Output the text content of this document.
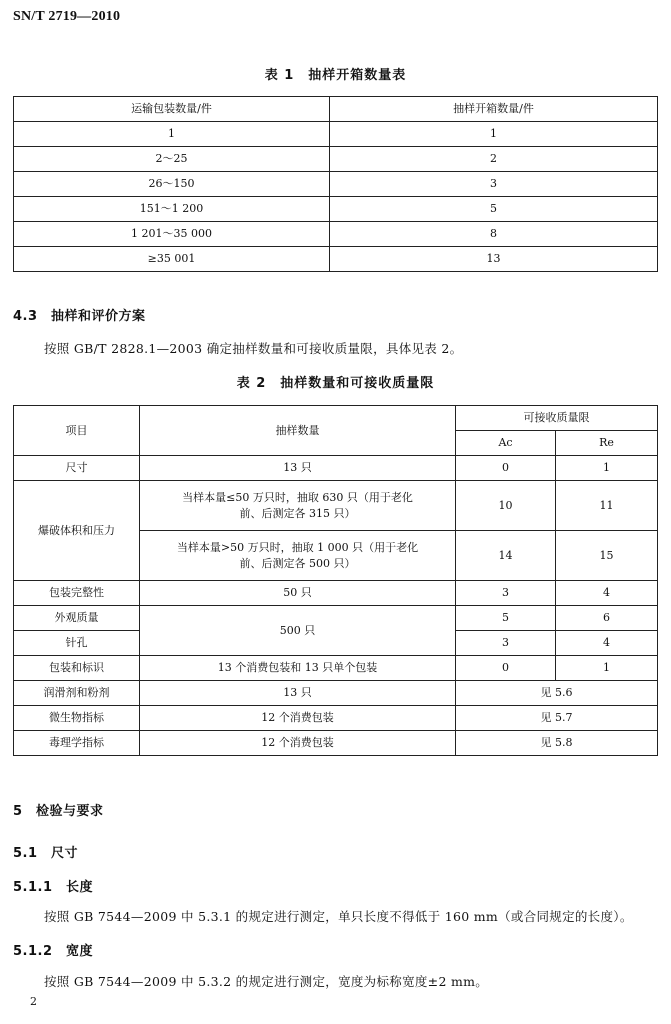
SN/T 2719—2010
表 1　抽样开箱数量表
运输包装数量/件	抽样开箱数量/件
1	1
2～25	2
26～150	3
151～1 200	5
1 201～35 000	8
≥35 001	13
4.3　抽样和评价方案
按照 GB/T 2828.1—2003 确定抽样数量和可接收质量限，具体见表 2。
表 2　抽样数量和可接收质量限
项目	抽样数量	可接收质量限	
		Ac	Re
尺寸	13 只	0	1
爆破体积和压力	当样本量≤50 万只时，抽取 630 只（用于老化前、后测定各 315 只）	10	11
	当样本量>50 万只时，抽取 1 000 只（用于老化前、后测定各 500 只）	14	15
包装完整性	50 只	3	4
外观质量	500 只	5	6
针孔		3	4
包装和标识	13 个消费包装和 13 只单个包装	0	1
润滑剂和粉剂	13 只	见 5.6	
微生物指标	12 个消费包装	见 5.7	
毒理学指标	12 个消费包装	见 5.8	
5　检验与要求
5.1　尺寸
5.1.1　长度
按照 GB 7544—2009 中 5.3.1 的规定进行测定，单只长度不得低于 160 mm（或合同规定的长度）。
5.1.2　宽度
按照 GB 7544—2009 中 5.3.2 的规定进行测定，宽度为标称宽度±2 mm。
2
